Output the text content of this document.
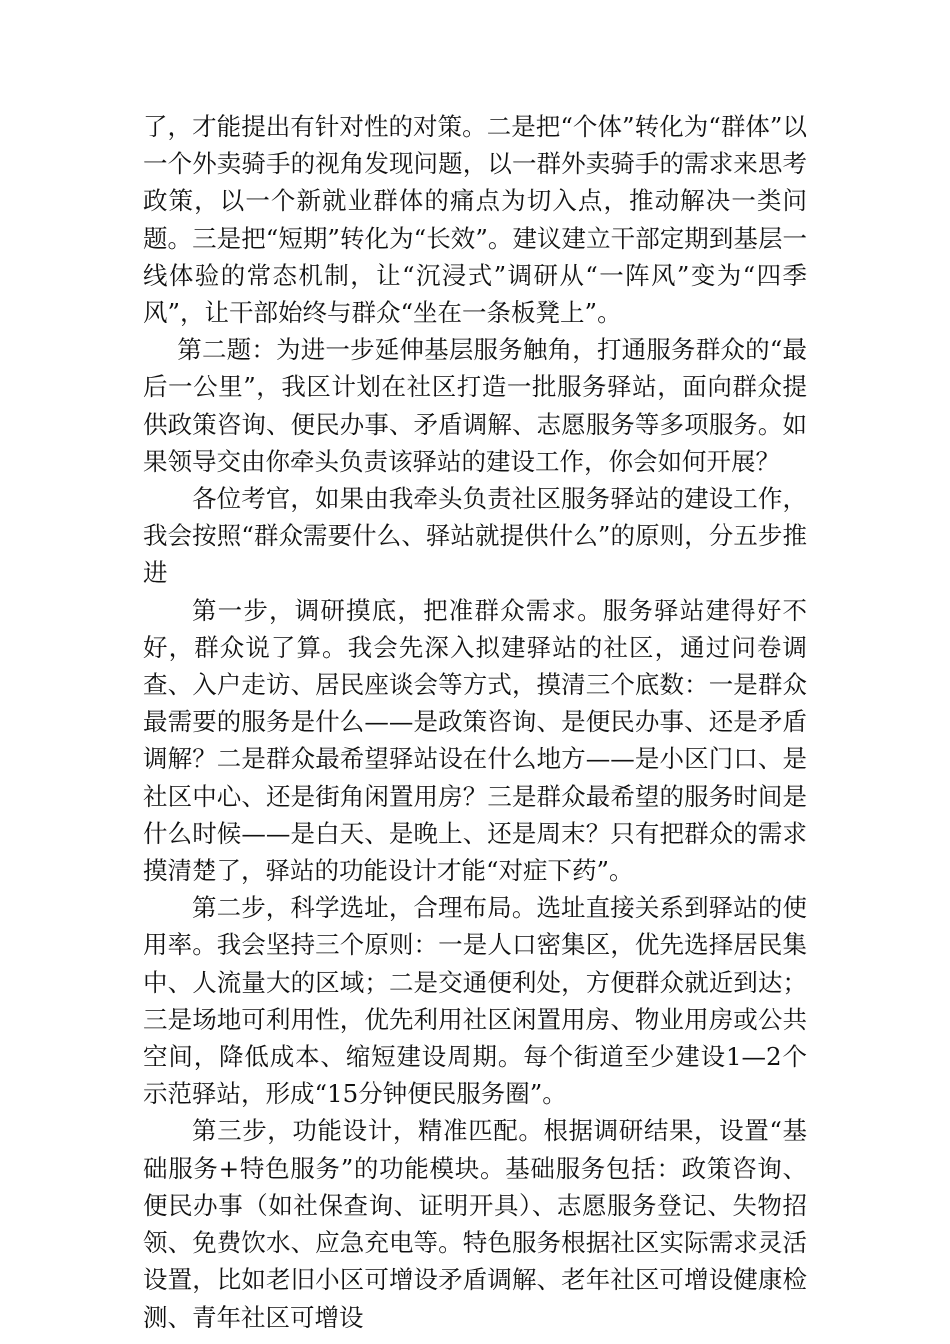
了，才能提出有针对性的对策。二是把“个体”转化为“群体”以一个外卖骑手的视角发现问题，以一群外卖骑手的需求来思考政策，以一个新就业群体的痛点为切入点，推动解决一类问题。三是把“短期”转化为“长效”。建议建立干部定期到基层一线体验的常态机制，让“沉浸式”调研从“一阵风”变为“四季风”，让干部始终与群众“坐在一条板凳上”。

第二题：为进一步延伸基层服务触角，打通服务群众的“最后一公里”，我区计划在社区打造一批服务驿站，面向群众提供政策咨询、便民办事、矛盾调解、志愿服务等多项服务。如果领导交由你牵头负责该驿站的建设工作，你会如何开展？

各位考官，如果由我牵头负责社区服务驿站的建设工作，我会按照“群众需要什么、驿站就提供什么”的原则，分五步推进

第一步，调研摸底，把准群众需求。服务驿站建得好不好，群众说了算。我会先深入拟建驿站的社区，通过问卷调查、入户走访、居民座谈会等方式，摸清三个底数：一是群众最需要的服务是什么——是政策咨询、是便民办事、还是矛盾调解？二是群众最希望驿站设在什么地方——是小区门口、是社区中心、还是街角闲置用房？三是群众最希望的服务时间是什么时候——是白天、是晚上、还是周末？只有把群众的需求摸清楚了，驿站的功能设计才能“对症下药”。

第二步，科学选址，合理布局。选址直接关系到驿站的使用率。我会坚持三个原则：一是人口密集区，优先选择居民集中、人流量大的区域；二是交通便利处，方便群众就近到达；三是场地可利用性，优先利用社区闲置用房、物业用房或公共空间，降低成本、缩短建设周期。每个街道至少建设1—2个示范驿站，形成“15分钟便民服务圈”。

第三步，功能设计，精准匹配。根据调研结果，设置“基础服务+特色服务”的功能模块。基础服务包括：政策咨询、便民办事（如社保查询、证明开具）、志愿服务登记、失物招领、免费饮水、应急充电等。特色服务根据社区实际需求灵活设置，比如老旧小区可增设矛盾调解、老年社区可增设健康检测、青年社区可增设
